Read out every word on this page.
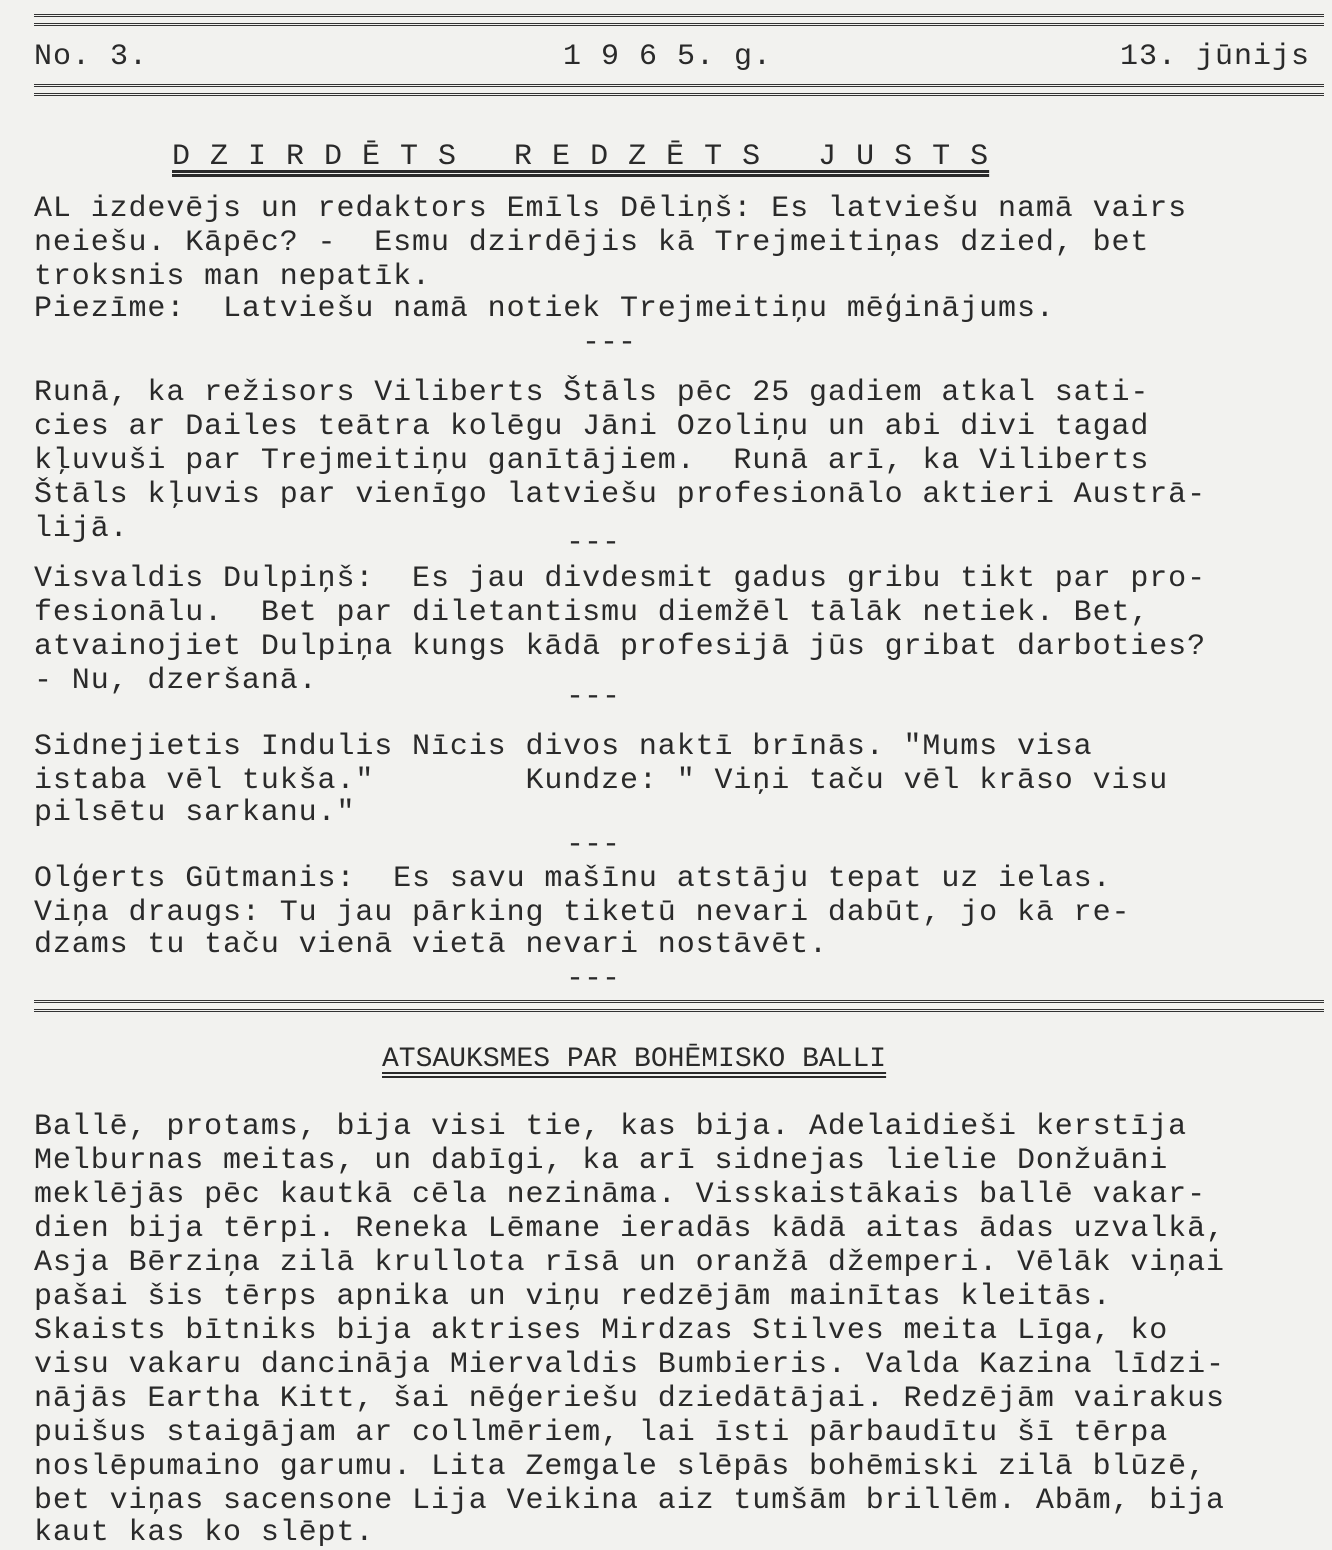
No. 3.	1 9 6 5. g.	13. jūnijs
D Z I R D Ē T S   R E D Z Ē T S   J U S T S
AL izdevējs un redaktors Emīls Dēliņš: Es latviešu namā vairs
neiešu. Kāpēc? -  Esmu dzirdējis kā Trejmeitiņas dzied, bet
troksnis man nepatīk.
Piezīme:  Latviešu namā notiek Trejmeitiņu mēģinājums.
---
Runā, ka režisors Viliberts Štāls pēc 25 gadiem atkal sati-
cies ar Dailes teātra kolēgu Jāni Ozoliņu un abi divi tagad
kļuvuši par Trejmeitiņu ganītājiem.  Runā arī, ka Viliberts
Štāls kļuvis par vienīgo latviešu profesionālo aktieri Austrā-
lijā.	---
Visvaldis Dulpiņš:  Es jau divdesmit gadus gribu tikt par pro-
fesionālu.  Bet par diletantismu diemžēl tālāk netiek. Bet,
atvainojiet Dulpiņa kungs kādā profesijā jūs gribat darboties?
- Nu, dzeršanā.	---
Sidnejietis Indulis Nīcis divos naktī brīnās. "Mums visa
istaba vēl tukša."        Kundze: " Viņi taču vēl krāso visu
pilsētu sarkanu."
---
Olģerts Gūtmanis:  Es savu mašīnu atstāju tepat uz ielas.
Viņa draugs: Tu jau pārking tiketū nevari dabūt, jo kā re-
dzams tu taču vienā vietā nevari nostāvēt.
---
ATSAUKSMES PAR BOHĒMISKO BALLI
Ballē, protams, bija visi tie, kas bija. Adelaidieši kerstīja
Melburnas meitas, un dabīgi, ka arī sidnejas lielie Donžuāni
meklējās pēc kautkā cēla nezināma. Visskaistākais ballē vakar-
dien bija tērpi. Reneka Lēmane ieradās kādā aitas ādas uzvalkā,
Asja Bērziņa zilā krullota rīsā un oranžā džemperi. Vēlāk viņai
pašai šis tērps apnika un viņu redzējām mainītas kleitās.
Skaists bītniks bija aktrises Mirdzas Stilves meita Līga, ko
visu vakaru dancināja Miervaldis Bumbieris. Valda Kazina līdzi-
nājās Eartha Kitt, šai nēģeriešu dziedātājai. Redzējām vairakus
puišus staigājam ar collmēriem, lai īsti pārbaudītu šī tērpa
noslēpumaino garumu. Lita Zemgale slēpās bohēmiski zilā blūzē,
bet viņas sacensone Lija Veikina aiz tumšām brillēm. Abām, bija
kaut kas ko slēpt.
